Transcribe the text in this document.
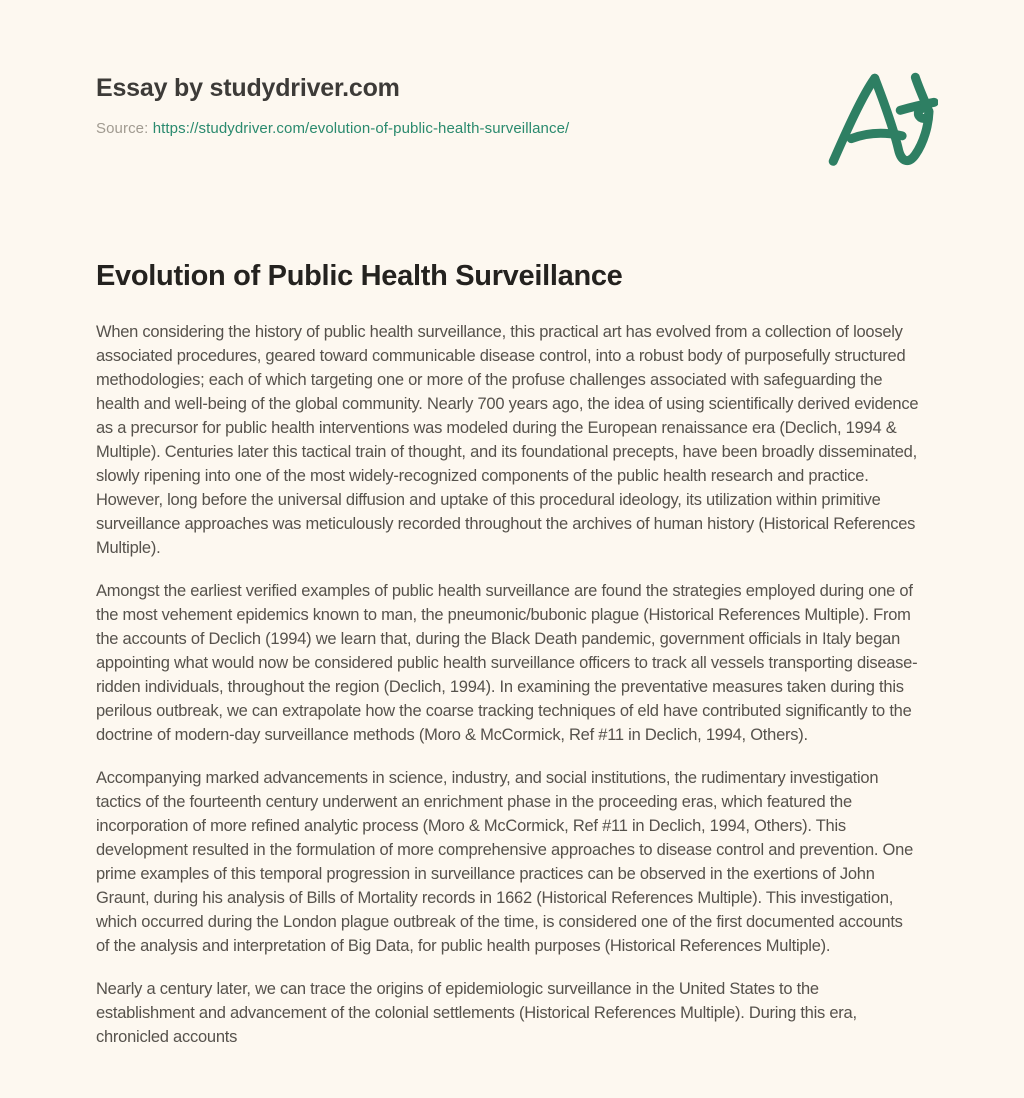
Essay by studydriver.com
Source: https://studydriver.com/evolution-of-public-health-surveillance/
Evolution of Public Health Surveillance

When considering the history of public health surveillance, this practical art has evolved from a collection of loosely associated procedures, geared toward communicable disease control, into a robust body of purposefully structured methodologies; each of which targeting one or more of the profuse challenges associated with safeguarding the health and well-being of the global community. Nearly 700 years ago, the idea of using scientifically derived evidence as a precursor for public health interventions was modeled during the European renaissance era (Declich, 1994 & Multiple). Centuries later this tactical train of thought, and its foundational precepts, have been broadly disseminated, slowly ripening into one of the most widely-recognized components of the public health research and practice. However, long before the universal diffusion and uptake of this procedural ideology, its utilization within primitive surveillance approaches was meticulously recorded throughout the archives of human history (Historical References Multiple).

Amongst the earliest verified examples of public health surveillance are found the strategies employed during one of the most vehement epidemics known to man, the pneumonic/bubonic plague (Historical References Multiple). From the accounts of Declich (1994) we learn that, during the Black Death pandemic, government officials in Italy began appointing what would now be considered public health surveillance officers to track all vessels transporting disease-ridden individuals, throughout the region (Declich, 1994). In examining the preventative measures taken during this perilous outbreak, we can extrapolate how the coarse tracking techniques of eld have contributed significantly to the doctrine of modern-day surveillance methods (Moro & McCormick, Ref #11 in Declich, 1994, Others).

Accompanying marked advancements in science, industry, and social institutions, the rudimentary investigation tactics of the fourteenth century underwent an enrichment phase in the proceeding eras, which featured the incorporation of more refined analytic process (Moro & McCormick, Ref #11 in Declich, 1994, Others). This development resulted in the formulation of more comprehensive approaches to disease control and prevention. One prime examples of this temporal progression in surveillance practices can be observed in the exertions of John Graunt, during his analysis of Bills of Mortality records in 1662 (Historical References Multiple). This investigation, which occurred during the London plague outbreak of the time, is considered one of the first documented accounts of the analysis and interpretation of Big Data, for public health purposes (Historical References Multiple).

Nearly a century later, we can trace the origins of epidemiologic surveillance in the United States to the establishment and advancement of the colonial settlements (Historical References Multiple). During this era, chronicled accounts
